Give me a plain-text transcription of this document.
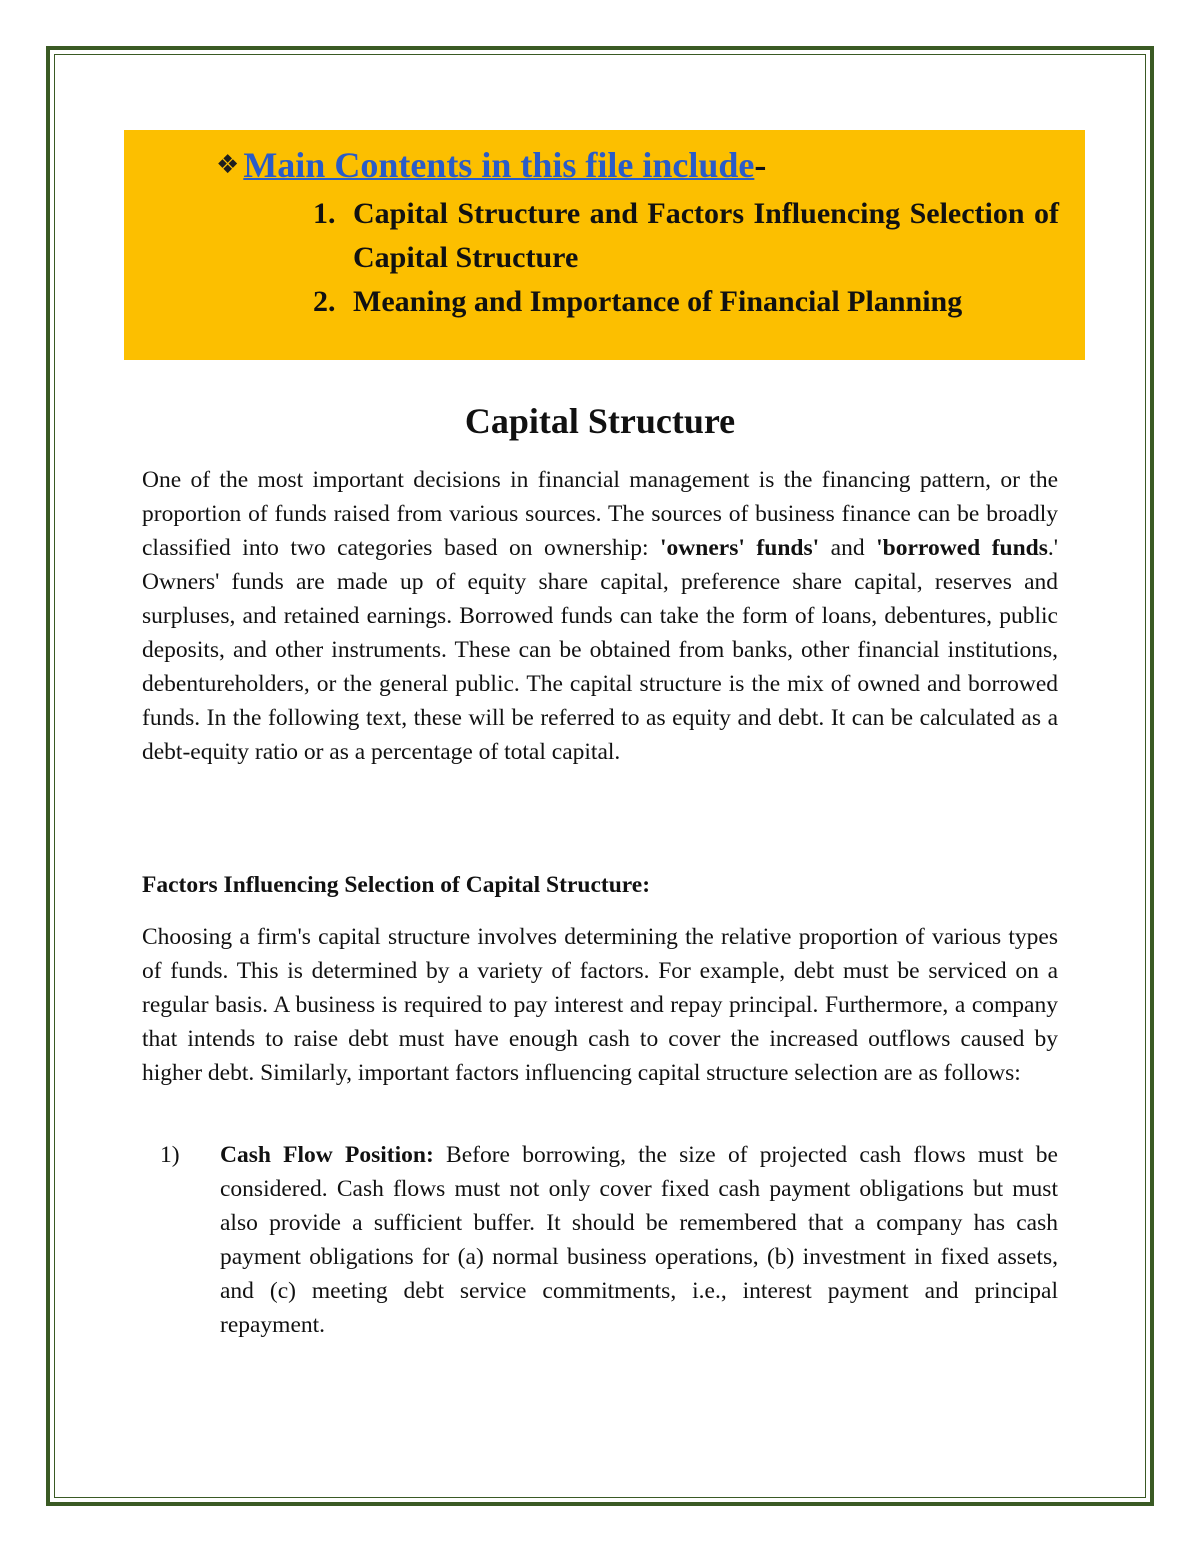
❖ Main Contents in this file include-
1. Capital Structure and Factors Influencing Selection of Capital Structure
2. Meaning and Importance of Financial Planning
Capital Structure

One of the most important decisions in financial management is the financing pattern, or the proportion of funds raised from various sources. The sources of business finance can be broadly classified into two categories based on ownership: 'owners' funds' and 'borrowed funds.' Owners' funds are made up of equity share capital, preference share capital, reserves and surpluses, and retained earnings. Borrowed funds can take the form of loans, debentures, public deposits, and other instruments. These can be obtained from banks, other financial institutions, debentureholders, or the general public. The capital structure is the mix of owned and borrowed funds. In the following text, these will be referred to as equity and debt. It can be calculated as a debt-equity ratio or as a percentage of total capital.

Factors Influencing Selection of Capital Structure:

Choosing a firm's capital structure involves determining the relative proportion of various types of funds. This is determined by a variety of factors. For example, debt must be serviced on a regular basis. A business is required to pay interest and repay principal. Furthermore, a company that intends to raise debt must have enough cash to cover the increased outflows caused by higher debt. Similarly, important factors influencing capital structure selection are as follows:

1) Cash Flow Position: Before borrowing, the size of projected cash flows must be considered. Cash flows must not only cover fixed cash payment obligations but must also provide a sufficient buffer. It should be remembered that a company has cash payment obligations for (a) normal business operations, (b) investment in fixed assets, and (c) meeting debt service commitments, i.e., interest payment and principal repayment.
